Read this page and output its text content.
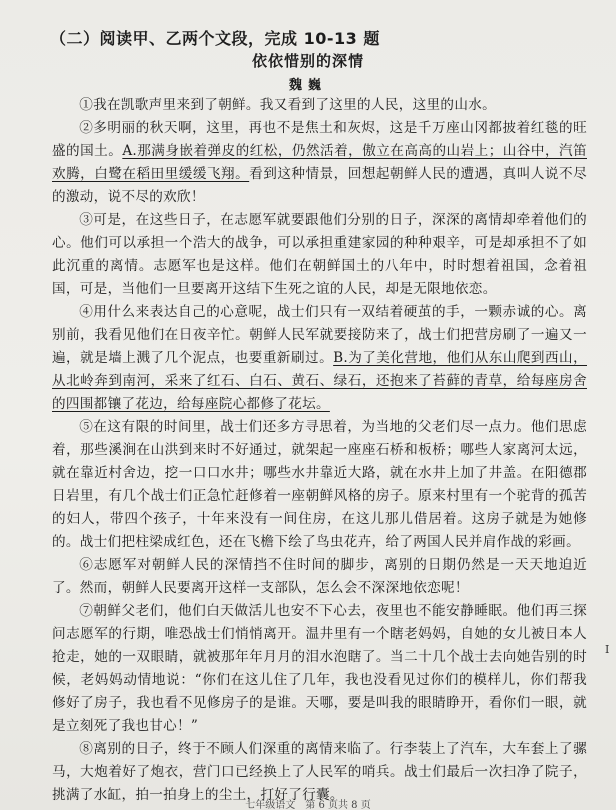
（二）阅读甲、乙两个文段，完成 10-13 题
依依惜别的深情
魏巍

①我在凯歌声里来到了朝鲜。我又看到了这里的人民，这里的山水。

②多明丽的秋天啊，这里，再也不是焦土和灰烬，这是千万座山冈都披着红毯的旺盛的国土。A.那满身嵌着弹皮的红松，仍然活着，傲立在高高的山岩上；山谷中，汽笛欢腾，白鹭在稻田里缓缓飞翔。看到这种情景，回想起朝鲜人民的遭遇，真叫人说不尽的激动，说不尽的欢欣！

③可是，在这些日子，在志愿军就要跟他们分别的日子，深深的离情却牵着他们的心。他们可以承担一个浩大的战争，可以承担重建家园的种种艰辛，可是却承担不了如此沉重的离情。志愿军也是这样。他们在朝鲜国土的八年中，时时想着祖国，念着祖国，可是，当他们一旦要离开这结下生死之谊的人民，却是无限地依恋。

④用什么来表达自己的心意呢，战士们只有一双结着硬茧的手，一颗赤诚的心。离别前，我看见他们在日夜辛忙。朝鲜人民军就要接防来了，战士们把营房刷了一遍又一遍，就是墙上溅了几个泥点，也要重新刷过。B.为了美化营地，他们从东山爬到西山，从北岭奔到南河，采来了红石、白石、黄石、绿石，还抱来了苔藓的青草，给每座房舍的四围都镶了花边，给每座院心都修了花坛。

⑤在这有限的时间里，战士们还多方寻思着，为当地的父老们尽一点力。他们思虑着，那些溪涧在山洪到来时不好通过，就架起一座座石桥和板桥；哪些人家离河太远，就在靠近村舍边，挖一口口水井；哪些水井靠近大路，就在水井上加了井盖。在阳德郡日岩里，有几个战士们正急忙赶修着一座朝鲜风格的房子。原来村里有一个驼背的孤苦的妇人，带四个孩子，十年来没有一间住房，在这儿那儿借居着。这房子就是为她修的。战士们把柱梁成红色，还在飞檐下绘了鸟虫花卉，给了两国人民并肩作战的彩画。

⑥志愿军对朝鲜人民的深情挡不住时间的脚步，离别的日期仍然是一天天地迫近了。然而，朝鲜人民要离开这样一支部队，怎么会不深深地依恋呢！

⑦朝鲜父老们，他们白天做活儿也安不下心去，夜里也不能安静睡眠。他们再三探问志愿军的行期，唯恐战士们悄悄离开。温井里有一个瞎老妈妈，自她的女儿被日本人抢走，她的一双眼睛，就被那年年月月的泪水泡瞎了。当二十几个战士去向她告别的时候，老妈妈动情地说：“你们在这儿住了几年，我也没看见过你们的模样儿，你们帮我修好了房子，我也看不见修房子的是谁。天哪，要是叫我的眼睛睁开，看你们一眼，就是立刻死了我也甘心！”

⑧离别的日子，终于不顾人们深重的离情来临了。行李装上了汽车，大车套上了骡马，大炮着好了炮衣，营门口已经换上了人民军的哨兵。战士们最后一次扫净了院子，挑满了水缸，拍一拍身上的尘土，打好了行囊。

I
七年级语文　第 6 页共 8 页
